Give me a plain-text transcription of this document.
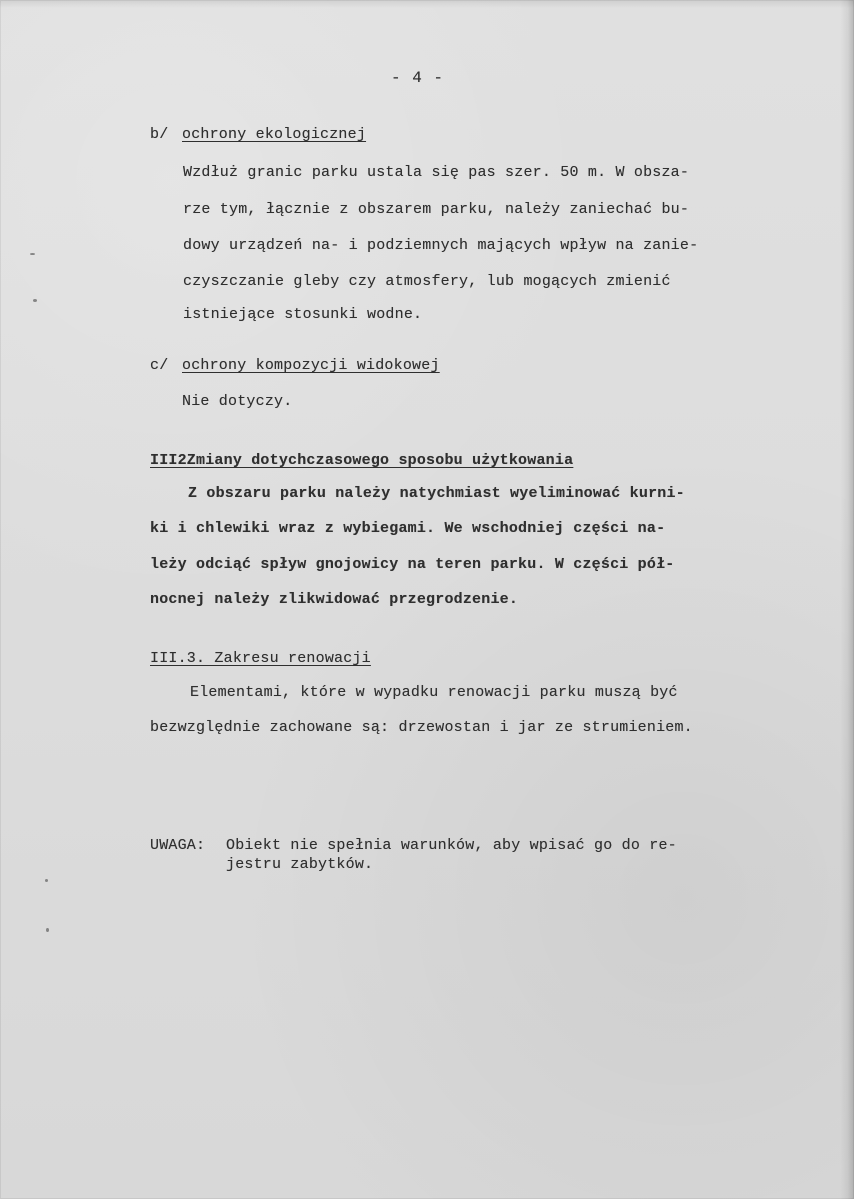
- 4 -
b/ ochrony ekologicznej
Wzdłuż granic parku ustala się pas szer. 50 m. W obsza-
rze tym, łącznie z obszarem parku, należy zaniechać bu-
dowy urządzeń na- i podziemnych mających wpływ na zanie-
czyszczanie gleby czy atmosfery, lub mogących zmienić
istniejące stosunki wodne.
c/ ochrony kompozycji widokowej
Nie dotyczy.
III2Zmiany dotychczasowego sposobu użytkowania
Z obszaru parku należy natychmiast wyeliminować kurni-
ki i chlewiki wraz z wybiegami. We wschodniej części na-
leży odciąć spływ gnojowicy na teren parku. W części pół-
nocnej należy zlikwidować przegrodzenie.
III.3. Zakresu renowacji
Elementami, które w wypadku renowacji parku muszą być
bezwzględnie zachowane są: drzewostan i jar ze strumieniem.
UWAGA: Obiekt nie spełnia warunków, aby wpisać go do re-
jestru zabytków.
